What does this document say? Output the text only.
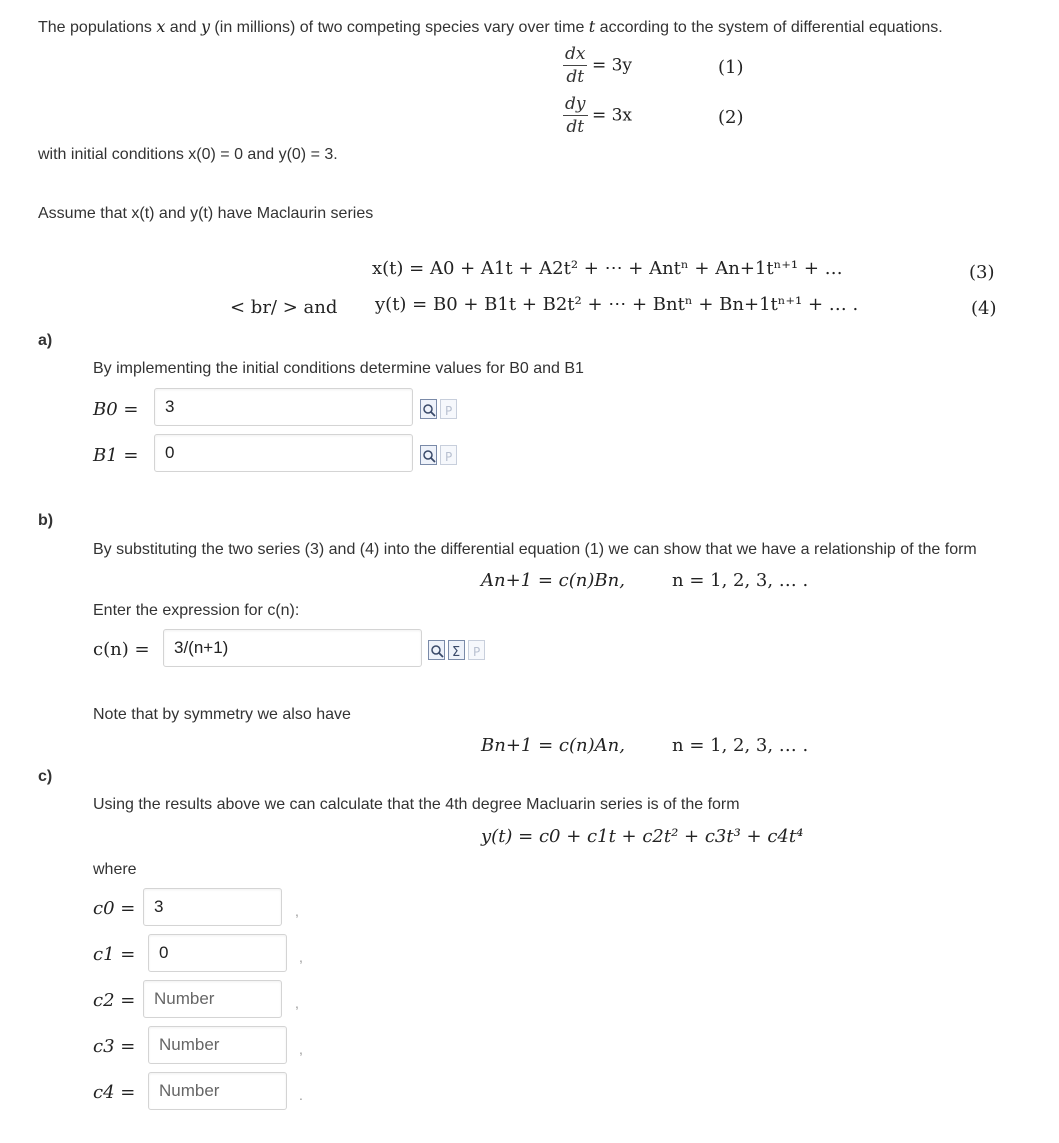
The populations x and y (in millions) of two competing species vary over time t according to the system of differential equations.
$\frac{dx}{dt} = 3y$	(1)
$\frac{dy}{dt} = 3x$	(2)
with initial conditions x(0) = 0 and y(0) = 3.
Assume that x(t) and y(t) have Maclaurin series
x(t) = A0 + A1t + A2t² + ⋯ + Antⁿ + An+1tⁿ⁺¹ + …	(3)
< br/ > and y(t) = B0 + B1t + B2t² + ⋯ + Bntⁿ + Bn+1tⁿ⁺¹ + … .	(4)
a)
By implementing the initial conditions determine values for B0 and B1
B0 =	3	P
B1 =	0	P
b)
By substituting the two series (3) and (4) into the differential equation (1) we can show that we have a relationship of the form
An+1 = c(n)Bn,	n = 1, 2, 3, … .
Enter the expression for c(n):
c(n) =	3/(n+1)	Σ P
Note that by symmetry we also have
Bn+1 = c(n)An,	n = 1, 2, 3, … .
c)
Using the results above we can calculate that the 4th degree Macluarin series is of the form
y(t) = c0 + c1t + c2t² + c3t³ + c4t⁴
where
c0 =	3	,
c1 =	0	,
c2 =	Number	,
c3 =	Number	,
c4 =	Number	.
